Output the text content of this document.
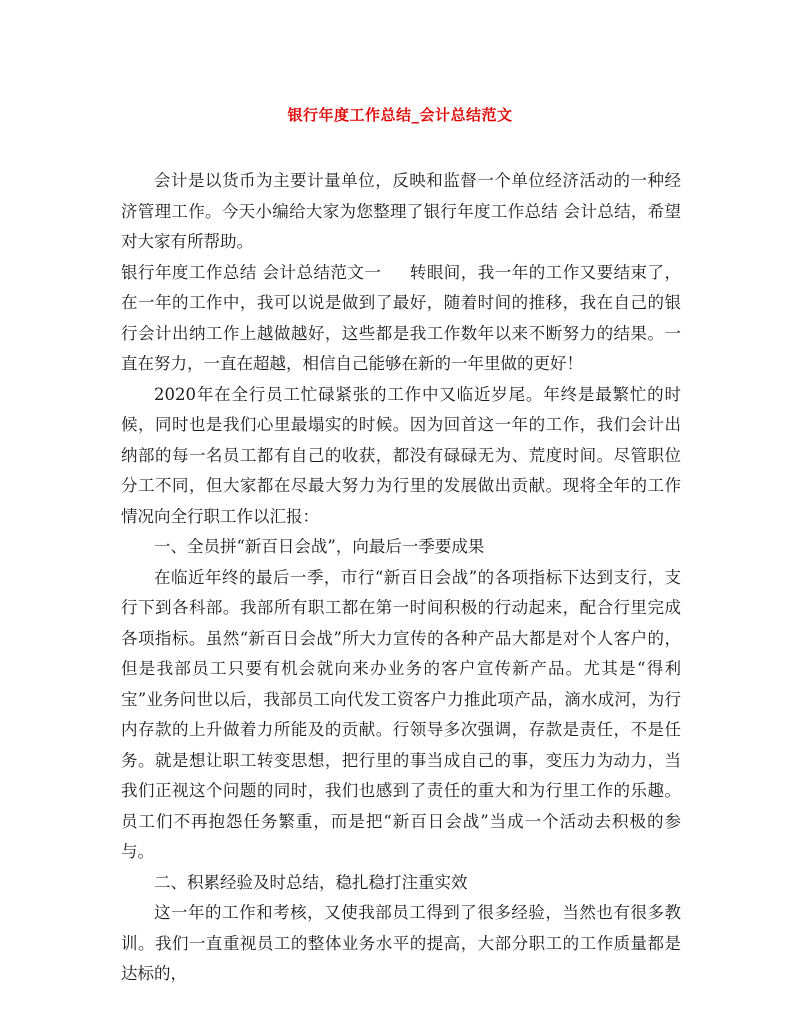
银行年度工作总结_会计总结范文

会计是以货币为主要计量单位，反映和监督一个单位经济活动的一种经济管理工作。今天小编给大家为您整理了银行年度工作总结 会计总结，希望对大家有所帮助。

银行年度工作总结 会计总结范文一 转眼间，我一年的工作又要结束了，在一年的工作中，我可以说是做到了最好，随着时间的推移，我在自己的银行会计出纳工作上越做越好，这些都是我工作数年以来不断努力的结果。一直在努力，一直在超越，相信自己能够在新的一年里做的更好！

2020年在全行员工忙碌紧张的工作中又临近岁尾。年终是最繁忙的时候，同时也是我们心里最塌实的时候。因为回首这一年的工作，我们会计出纳部的每一名员工都有自己的收获，都没有碌碌无为、荒度时间。尽管职位分工不同，但大家都在尽最大努力为行里的发展做出贡献。现将全年的工作情况向全行职工作以汇报：

一、全员拼“新百日会战”，向最后一季要成果

在临近年终的最后一季，市行“新百日会战”的各项指标下达到支行，支行下到各科部。我部所有职工都在第一时间积极的行动起来，配合行里完成各项指标。虽然“新百日会战”所大力宣传的各种产品大都是对个人客户的，但是我部员工只要有机会就向来办业务的客户宣传新产品。尤其是“得利宝”业务问世以后，我部员工向代发工资客户力推此项产品，滴水成河，为行内存款的上升做着力所能及的贡献。行领导多次强调，存款是责任，不是任务。就是想让职工转变思想，把行里的事当成自己的事，变压力为动力，当我们正视这个问题的同时，我们也感到了责任的重大和为行里工作的乐趣。员工们不再抱怨任务繁重，而是把“新百日会战”当成一个活动去积极的参与。

二、积累经验及时总结，稳扎稳打注重实效

这一年的工作和考核，又使我部员工得到了很多经验，当然也有很多教训。我们一直重视员工的整体业务水平的提高，大部分职工的工作质量都是达标的，
